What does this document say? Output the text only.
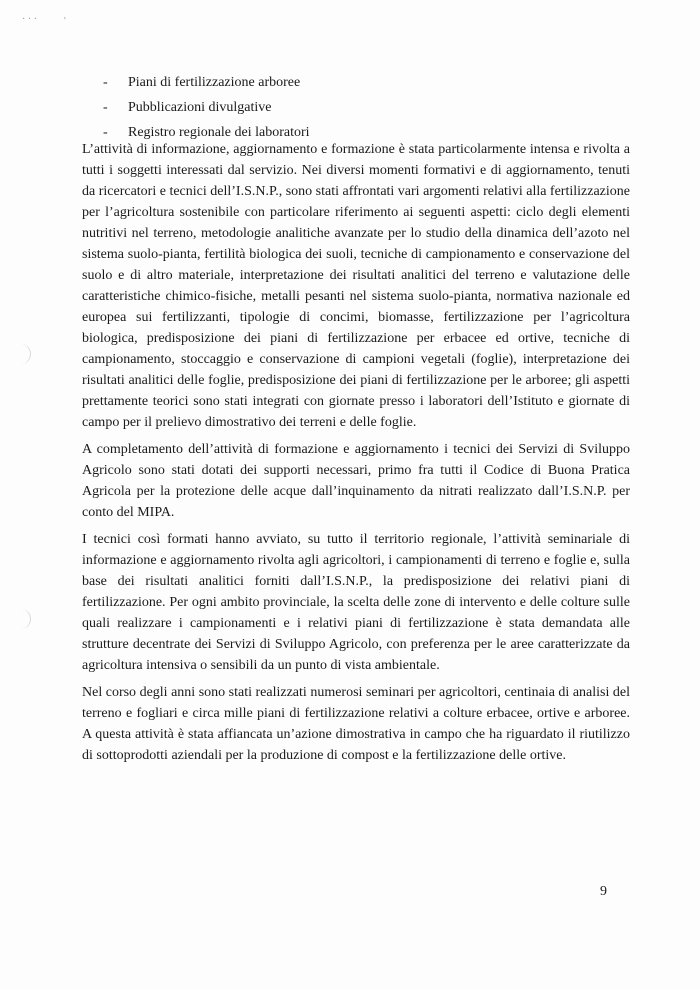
· · ·	'
-	Piani di fertilizzazione arboree
-	Pubblicazioni divulgative
-	Registro regionale dei laboratori

L’attività di informazione, aggiornamento e formazione è stata particolarmente intensa e rivolta a tutti i soggetti interessati dal servizio. Nei diversi momenti formativi e di aggiornamento, tenuti da ricercatori e tecnici dell’I.S.N.P., sono stati affrontati vari argomenti relativi alla fertilizzazione per l’agricoltura sostenibile con particolare riferimento ai seguenti aspetti: ciclo degli elementi nutritivi nel terreno, metodologie analitiche avanzate per lo studio della dinamica dell’azoto nel sistema suolo-pianta, fertilità biologica dei suoli, tecniche di campionamento e conservazione del suolo e di altro materiale, interpretazione dei risultati analitici del terreno e valutazione delle caratteristiche chimico-fisiche, metalli pesanti nel sistema suolo-pianta, normativa nazionale ed europea sui fertilizzanti, tipologie di concimi, biomasse, fertilizzazione per l’agricoltura biologica, predisposizione dei piani di fertilizzazione per erbacee ed ortive, tecniche di campionamento, stoccaggio e conservazione di campioni vegetali (foglie), interpretazione dei risultati analitici delle foglie, predisposizione dei piani di fertilizzazione per le arboree; gli aspetti prettamente teorici sono stati integrati con giornate presso i laboratori dell’Istituto e giornate di campo per il prelievo dimostrativo dei terreni e delle foglie.

A completamento dell’attività di formazione e aggiornamento i tecnici dei Servizi di Sviluppo Agricolo sono stati dotati dei supporti necessari, primo fra tutti il Codice di Buona Pratica Agricola per la protezione delle acque dall’inquinamento da nitrati realizzato dall’I.S.N.P. per conto del MIPA.

I tecnici così formati hanno avviato, su tutto il territorio regionale, l’attività seminariale di informazione e aggiornamento rivolta agli agricoltori, i campionamenti di terreno e foglie e, sulla base dei risultati analitici forniti dall’I.S.N.P., la predisposizione dei relativi piani di fertilizzazione. Per ogni ambito provinciale, la scelta delle zone di intervento e delle colture sulle quali realizzare i campionamenti e i relativi piani di fertilizzazione è stata demandata alle strutture decentrate dei Servizi di Sviluppo Agricolo, con preferenza per le aree caratterizzate da agricoltura intensiva o sensibili da un punto di vista ambientale.

Nel corso degli anni sono stati realizzati numerosi seminari per agricoltori, centinaia di analisi del terreno e fogliari e circa mille piani di fertilizzazione relativi a colture erbacee, ortive e arboree. A questa attività è stata affiancata un’azione dimostrativa in campo che ha riguardato il riutilizzo di sottoprodotti aziendali per la produzione di compost e la fertilizzazione delle ortive.

9
